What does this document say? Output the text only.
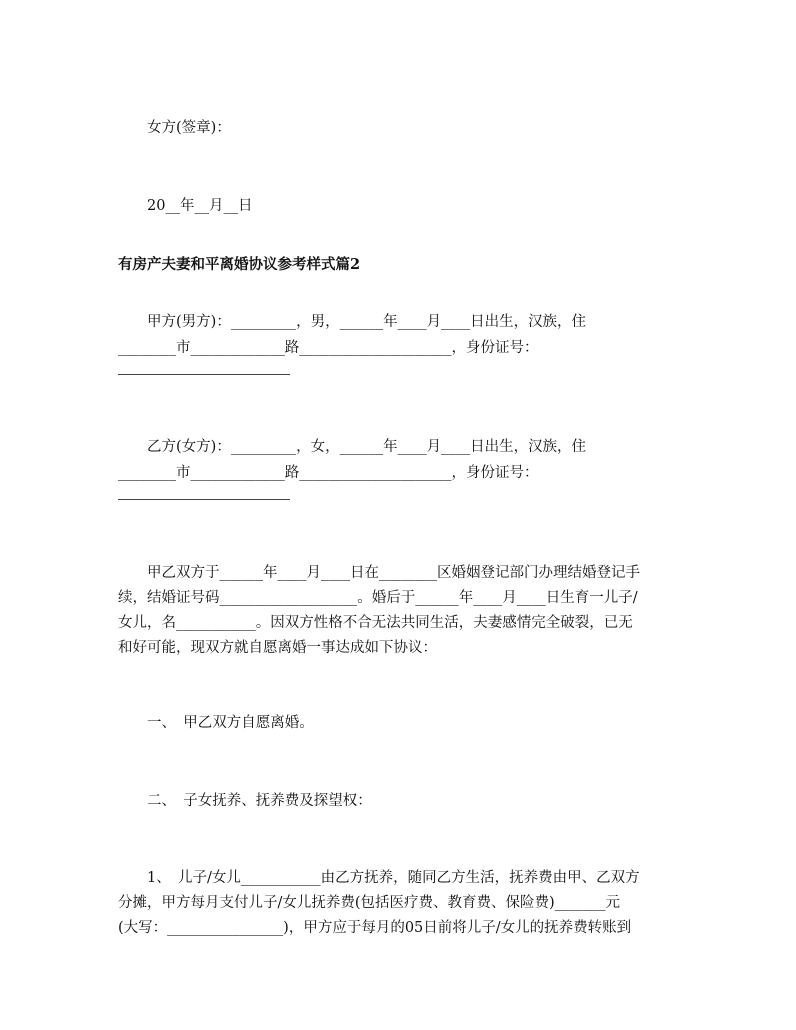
　　女方(签章)：

　　20__年__月__日

有房产夫妻和平离婚协议参考样式篇2

　　甲方(男方)：_________，男，______年____月____日出生，汉族，住

________市_____________路_____________________，身份证号：

　　乙方(女方)：_________，女，______年____月____日出生，汉族，住

________市_____________路_____________________，身份证号：

　　甲乙双方于______年____月____日在________区婚姻登记部门办理结婚登记手

续，结婚证号码___________________。婚后于______年____月____日生育一儿子/

女儿，名___________。因双方性格不合无法共同生活，夫妻感情完全破裂，已无

和好可能，现双方就自愿离婚一事达成如下协议：

　　一、　甲乙双方自愿离婚。

　　二、　子女抚养、抚养费及探望权：

　　1、　儿子/女儿___________由乙方抚养，随同乙方生活，抚养费由甲、乙双方

分摊，甲方每月支付儿子/女儿抚养费(包括医疗费、教育费、保险费)_______元

(大写：________________)，甲方应于每月的05日前将儿子/女儿的抚养费转账到
